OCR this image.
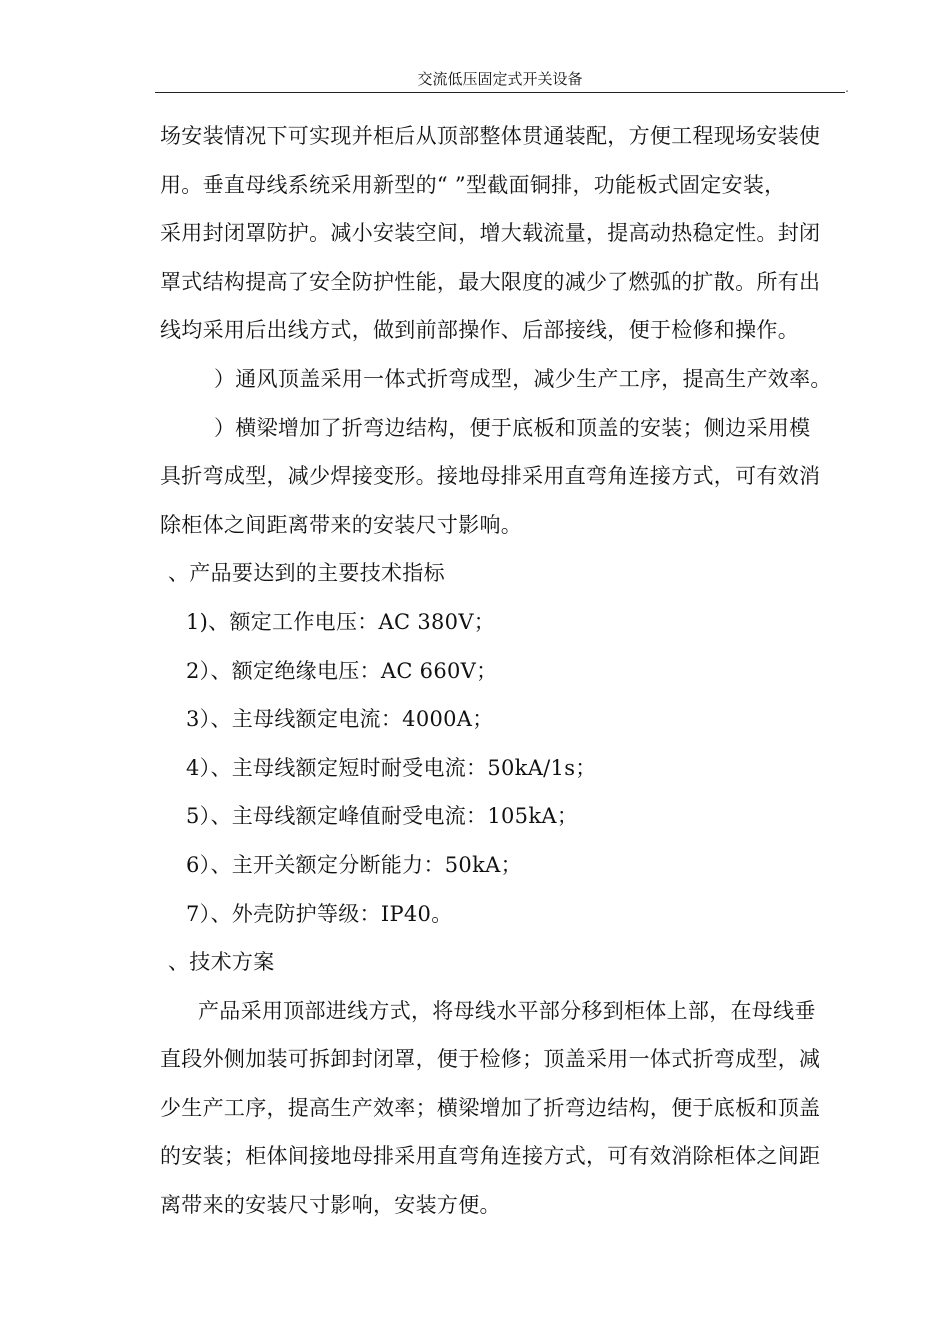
交流低压固定式开关设备	.
场安装情况下可实现并柜后从顶部整体贯通装配，方便工程现场安装使
用。垂直母线系统采用新型的“ ”型截面铜排，功能板式固定安装，
采用封闭罩防护。减小安装空间，增大载流量，提高动热稳定性。封闭
罩式结构提高了安全防护性能，最大限度的减少了燃弧的扩散。所有出
线均采用后出线方式，做到前部操作、后部接线，便于检修和操作。
）通风顶盖采用一体式折弯成型，减少生产工序，提高生产效率。
）横梁增加了折弯边结构，便于底板和顶盖的安装；侧边采用模
具折弯成型，减少焊接变形。接地母排采用直弯角连接方式，可有效消
除柜体之间距离带来的安装尺寸影响。
、产品要达到的主要技术指标
1)、额定工作电压：AC 380V；
2）、额定绝缘电压：AC 660V；
3）、主母线额定电流：4000A；
4）、主母线额定短时耐受电流：50kA/1s；
5）、主母线额定峰值耐受电流：105kA；
6）、主开关额定分断能力：50kA；
7）、外壳防护等级：IP40。
、技术方案
产品采用顶部进线方式，将母线水平部分移到柜体上部，在母线垂
直段外侧加装可拆卸封闭罩，便于检修；顶盖采用一体式折弯成型，减
少生产工序，提高生产效率；横梁增加了折弯边结构，便于底板和顶盖
的安装；柜体间接地母排采用直弯角连接方式，可有效消除柜体之间距
离带来的安装尺寸影响，安装方便。
